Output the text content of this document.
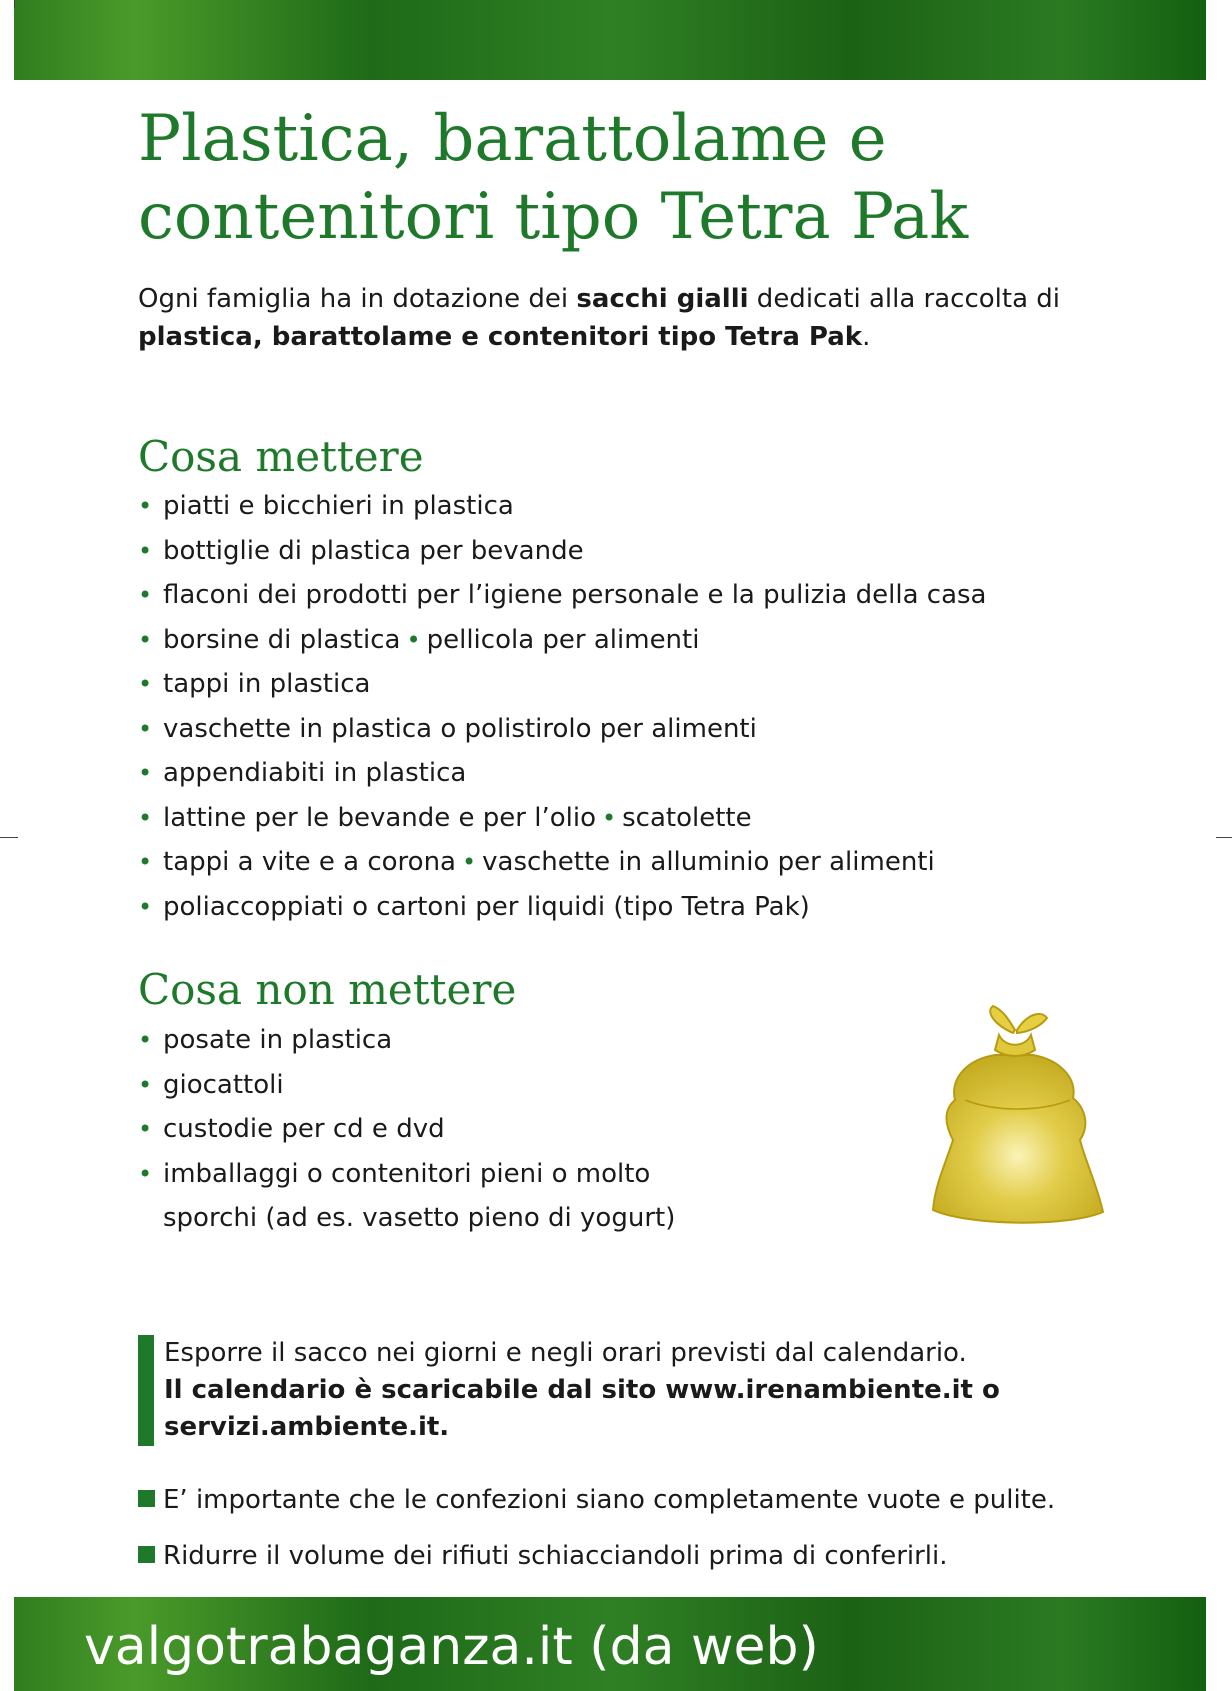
Plastica, barattolame e
contenitori tipo Tetra Pak

Ogni famiglia ha in dotazione dei sacchi gialli dedicati alla raccolta di plastica, barattolame e contenitori tipo Tetra Pak.

Cosa mettere
• piatti e bicchieri in plastica
• bottiglie di plastica per bevande
• flaconi dei prodotti per l’igiene personale e la pulizia della casa
• borsine di plastica • pellicola per alimenti
• tappi in plastica
• vaschette in plastica o polistirolo per alimenti
• appendiabiti in plastica
• lattine per le bevande e per l’olio • scatolette
• tappi a vite e a corona • vaschette in alluminio per alimenti
• poliaccoppiati o cartoni per liquidi (tipo Tetra Pak)
Cosa non mettere
• posate in plastica
• giocattoli
• custodie per cd e dvd
• imballaggi o contenitori pieni o molto
sporchi (ad es. vasetto pieno di yogurt)
Esporre il sacco nei giorni e negli orari previsti dal calendario.
Il calendario è scaricabile dal sito www.irenambiente.it o servizi.ambiente.it.
E’ importante che le confezioni siano completamente vuote e pulite.
Ridurre il volume dei rifiuti schiacciandoli prima di conferirli.
valgotrabaganza.it (da web)
